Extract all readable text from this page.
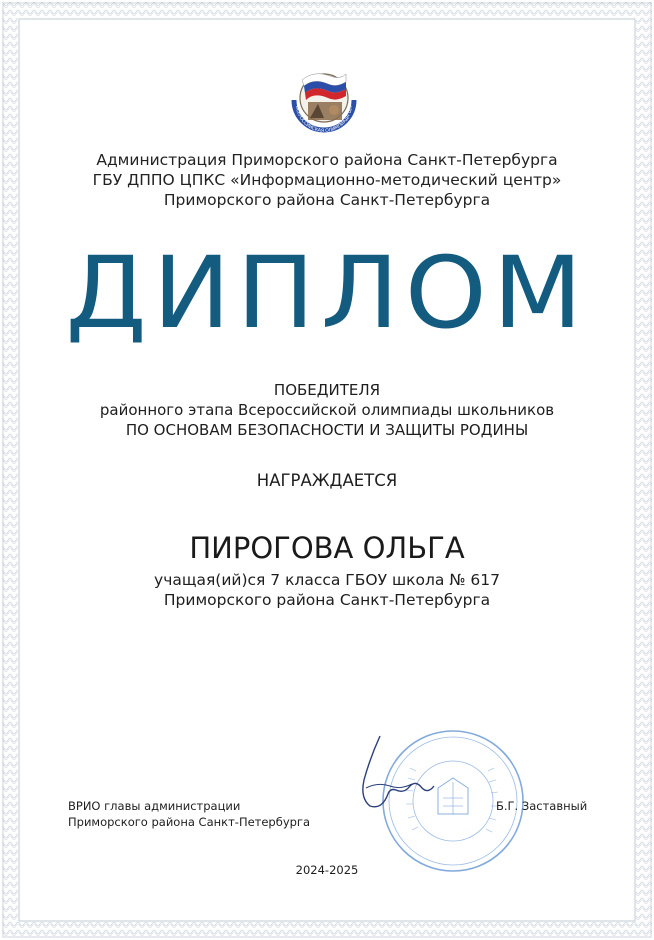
ВСЕРОССИЙСКАЯ ОЛИМПИАДА ШК
Администрация Приморского района Санкт-Петербурга
ГБУ ДППО ЦПКС «Информационно-методический центр»
Приморского района Санкт-Петербурга
ДИПЛОМ
ПОБЕДИТЕЛЯ
районного этапа Всероссийской олимпиады школьников
ПО ОСНОВАМ БЕЗОПАСНОСТИ И ЗАЩИТЫ РОДИНЫ
НАГРАЖДАЕТСЯ
ПИРОГОВА ОЛЬГА
учащая(ий)ся 7 класса ГБОУ школа № 617
Приморского района Санкт-Петербурга
ВРИО главы администрации
Приморского района Санкт-Петербурга
Б.Г. Заставный
2024-2025
